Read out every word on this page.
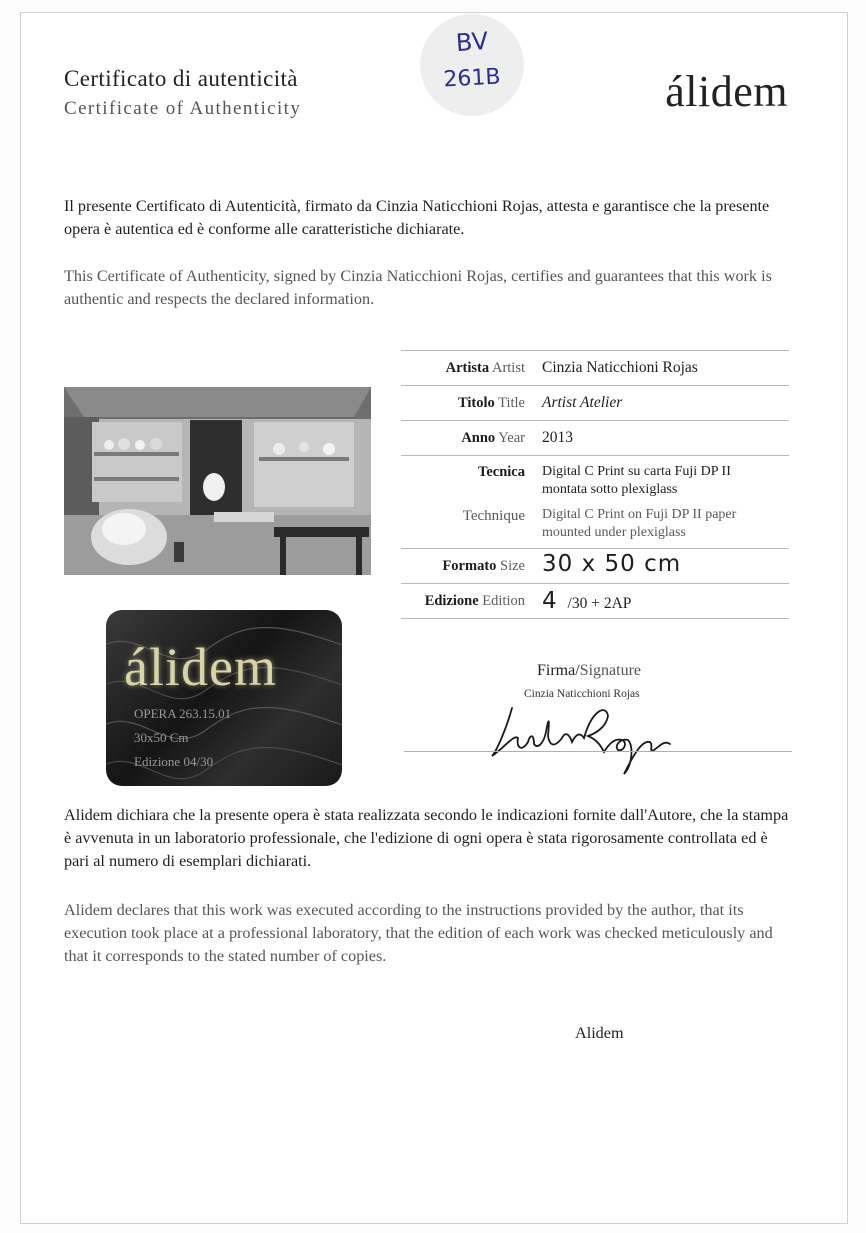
Certificato di autenticità
Certificate of Authenticity
BV
261B	álidem
Il presente Certificato di Autenticità, firmato da Cinzia Naticchioni Rojas, attesta e garantisce che la presente opera è autentica ed è conforme alle caratteristiche dichiarate.
This Certificate of Authenticity, signed by Cinzia Naticchioni Rojas, certifies and guarantees that this work is authentic and respects the declared information.
álidem
OPERA 263.15.01
30x50 Cm
Edizione 04/30
Artista Artist Cinzia Naticchioni Rojas
Titolo Title Artist Atelier
Anno Year 2013
Tecnica
Technique
Digital C Print su carta Fuji DP II
montata sotto plexiglass
Digital C Print on Fuji DP II paper
mounted under plexiglass
Formato Size 30 x 50 cm
Edizione Edition 4 /30 + 2AP
Firma/Signature
Cinzia Naticchioni Rojas
Alidem dichiara che la presente opera è stata realizzata secondo le indicazioni fornite dall'Autore, che la stampa è avvenuta in un laboratorio professionale, che l'edizione di ogni opera è stata rigorosamente controllata ed è pari al numero di esemplari dichiarati.
Alidem declares that this work was executed according to the instructions provided by the author, that its execution took place at a professional laboratory, that the edition of each work was checked meticulously and that it corresponds to the stated number of copies.
Alidem
